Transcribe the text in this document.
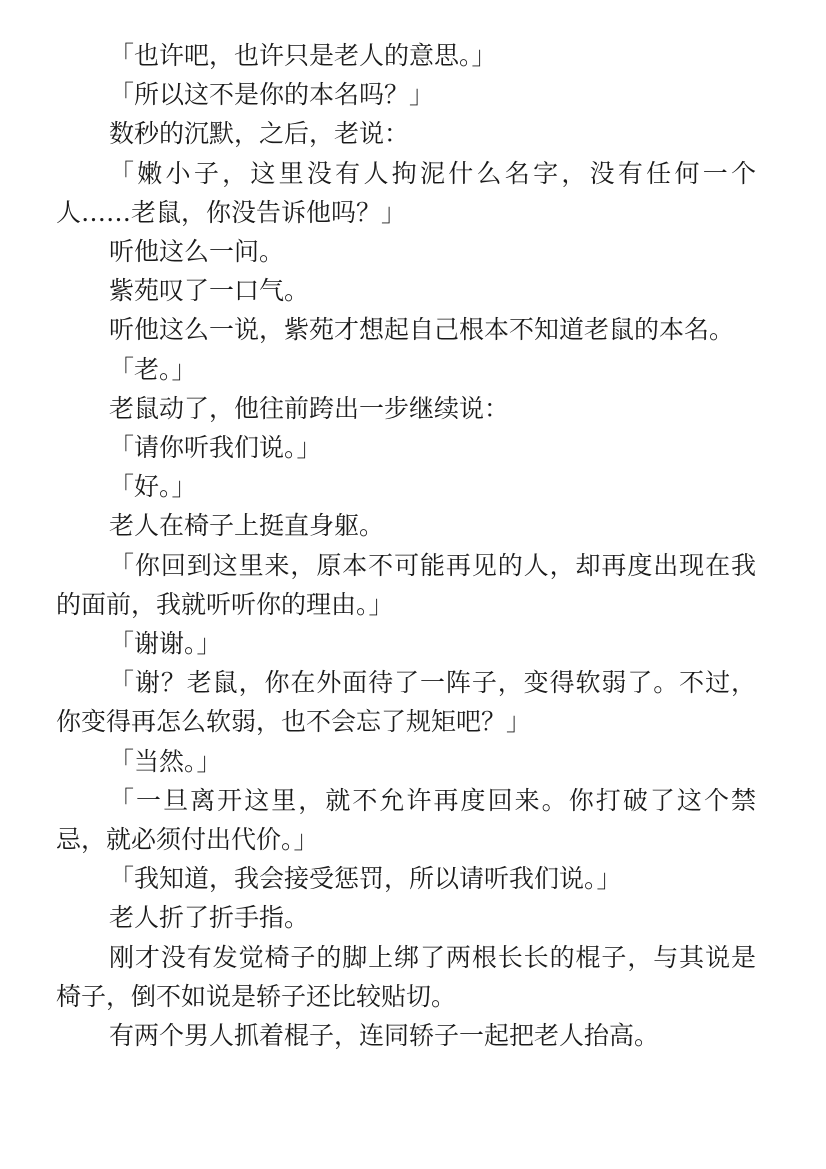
「也许吧，也许只是老人的意思。」

「所以这不是你的本名吗？」

数秒的沉默，之后，老说：

「嫩小子，这里没有人拘泥什么名字，没有任何一个人……老鼠，你没告诉他吗？」

听他这么一问。

紫苑叹了一口气。

听他这么一说，紫苑才想起自己根本不知道老鼠的本名。

「老。」

老鼠动了，他往前跨出一步继续说：

「请你听我们说。」

「好。」

老人在椅子上挺直身躯。

「你回到这里来，原本不可能再见的人，却再度出现在我的面前，我就听听你的理由。」

「谢谢。」

「谢？老鼠，你在外面待了一阵子，变得软弱了。不过，你变得再怎么软弱，也不会忘了规矩吧？」

「当然。」

「一旦离开这里，就不允许再度回来。你打破了这个禁忌，就必须付出代价。」

「我知道，我会接受惩罚，所以请听我们说。」

老人折了折手指。

刚才没有发觉椅子的脚上绑了两根长长的棍子，与其说是椅子，倒不如说是轿子还比较贴切。

有两个男人抓着棍子，连同轿子一起把老人抬高。
